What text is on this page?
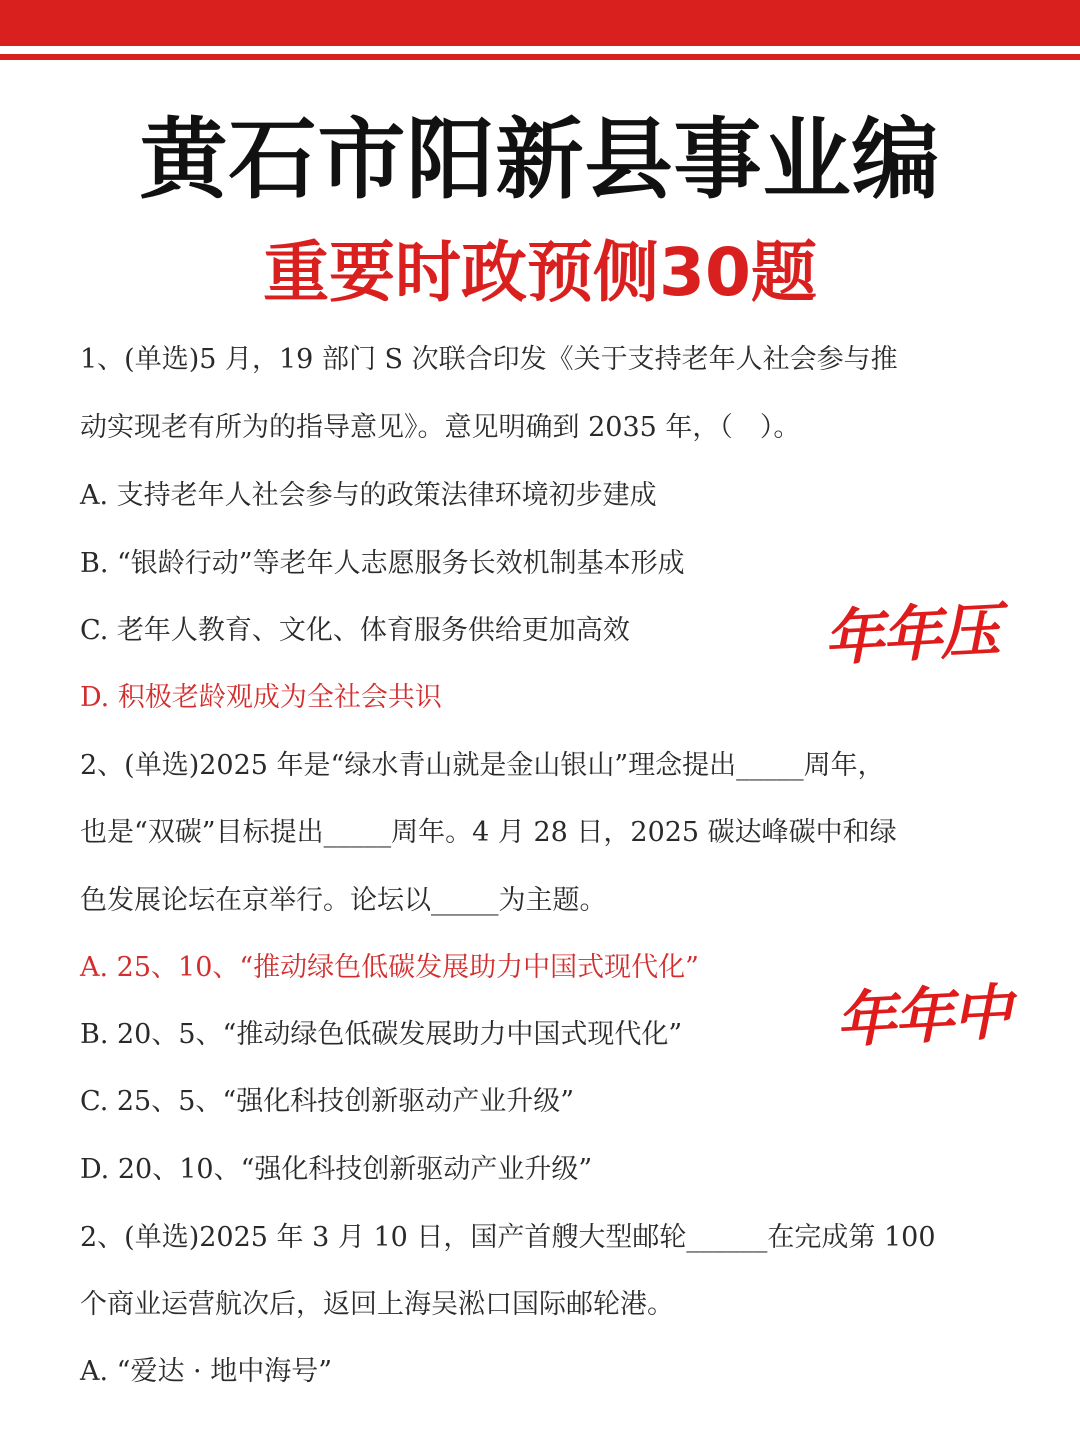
黄石市阳新县事业编
重要时政预侧30题
1、(单选)5 月，19 部门 S 次联合印发《关于支持老年人社会参与推
动实现老有所为的指导意见》。意见明确到 2035 年，（　）。
A. 支持老年人社会参与的政策法律环境初步建成
B. “银龄行动”等老年人志愿服务长效机制基本形成
C. 老年人教育、文化、体育服务供给更加高效
D. 积极老龄观成为全社会共识
2、(单选)2025 年是“绿水青山就是金山银山”理念提出_____周年，
也是“双碳”目标提出_____周年。4 月 28 日，2025 碳达峰碳中和绿
色发展论坛在京举行。论坛以_____为主题。
A. 25、10、“推动绿色低碳发展助力中国式现代化”
B. 20、5、“推动绿色低碳发展助力中国式现代化”
C. 25、5、“强化科技创新驱动产业升级”
D. 20、10、“强化科技创新驱动产业升级”
2、(单选)2025 年 3 月 10 日，国产首艘大型邮轮______在完成第 100
个商业运营航次后，返回上海吴淞口国际邮轮港。
A. “爱达 · 地中海号”
年年压
年年中
